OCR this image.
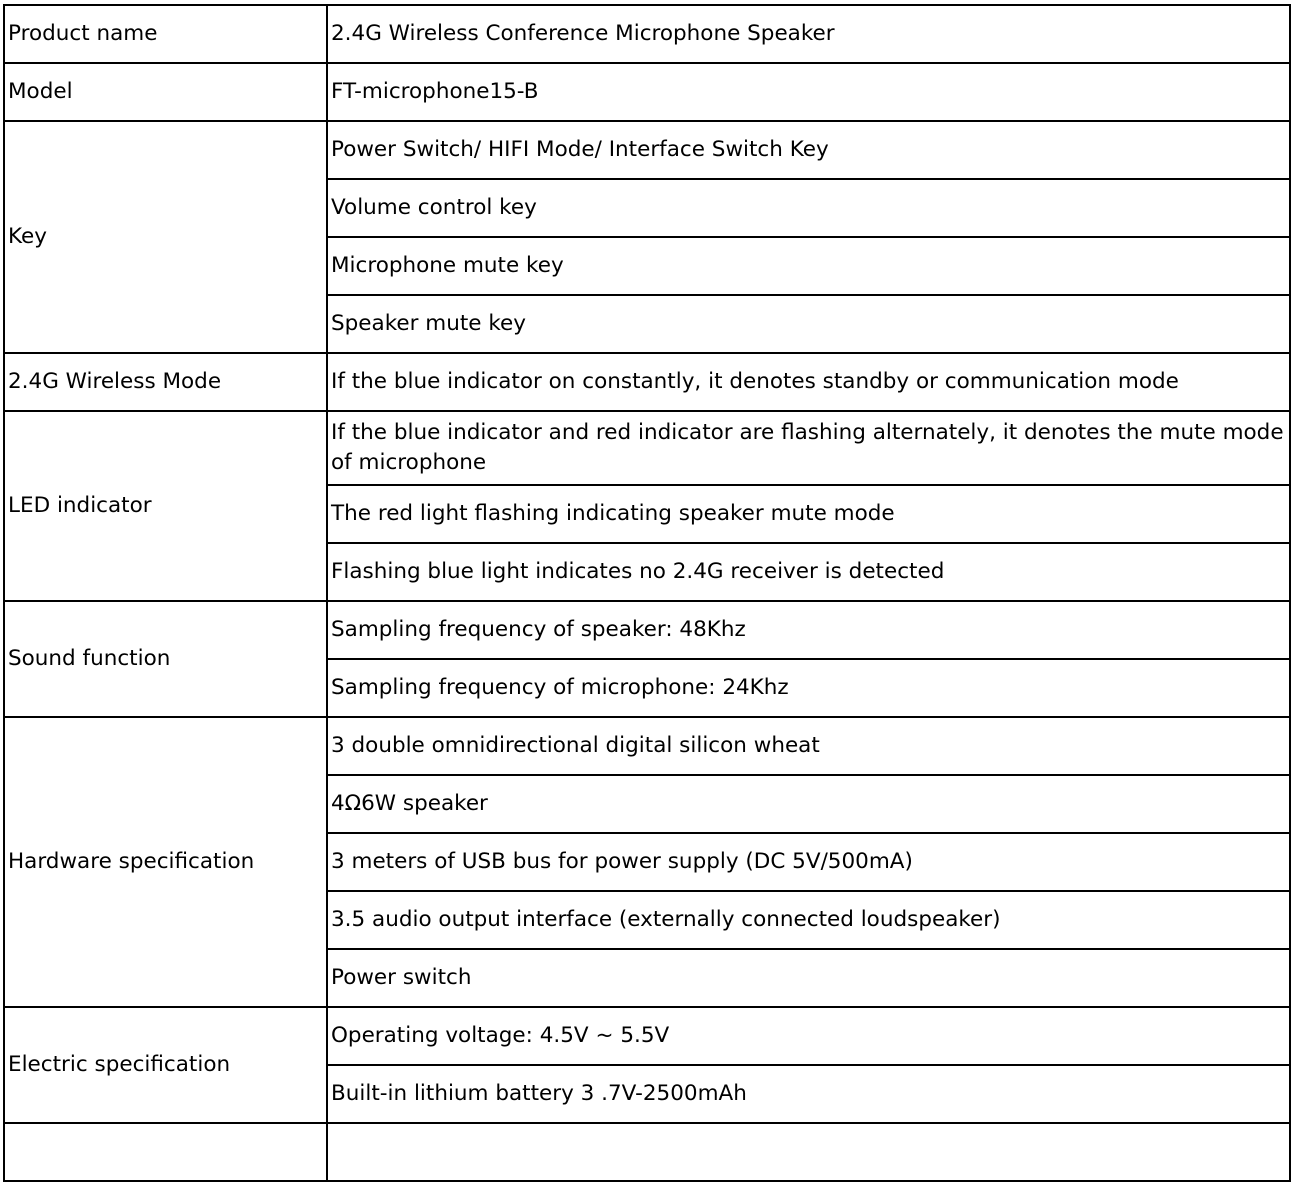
Product name	2.4G Wireless Conference Microphone Speaker
Model	FT-microphone15-B
Key	Power Switch/ HIFI Mode/ Interface Switch Key
	Volume control key
	Microphone mute key
	Speaker mute key
2.4G Wireless Mode	If the blue indicator on constantly, it denotes standby or communication mode
LED indicator	If the blue indicator and red indicator are flashing alternately, it denotes the mute mode of microphone
	The red light flashing indicating speaker mute mode
	Flashing blue light indicates no 2.4G receiver is detected
Sound function	Sampling frequency of speaker: 48Khz
	Sampling frequency of microphone: 24Khz
Hardware specification	3 double omnidirectional digital silicon wheat
	4Ω6W speaker
	3 meters of USB bus for power supply (DC 5V/500mA)
	3.5 audio output interface (externally connected loudspeaker)
	Power switch
Electric specification	Operating voltage: 4.5V ~ 5.5V
	Built-in lithium battery 3 .7V-2500mAh
